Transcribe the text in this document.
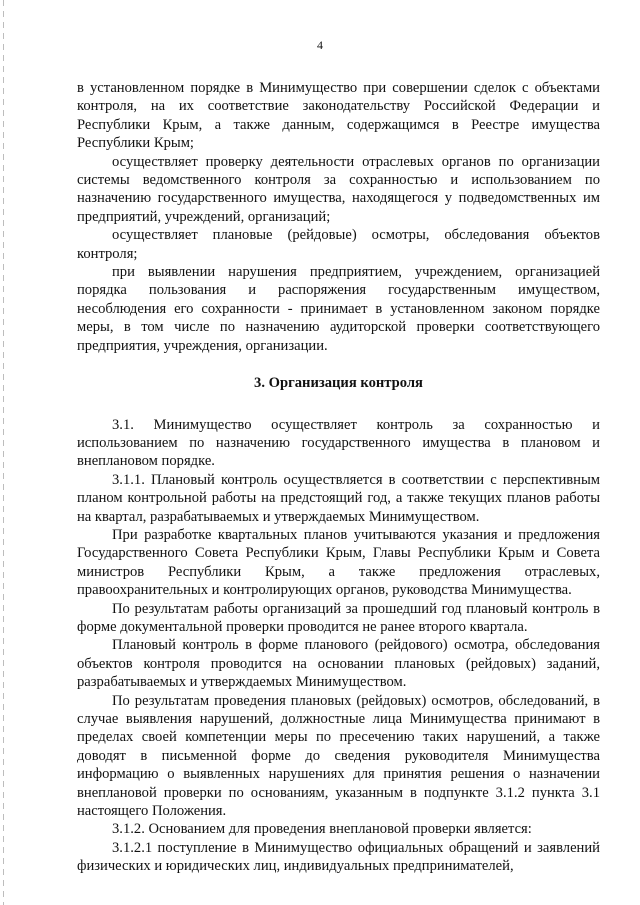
4

в установленном порядке в Минимущество при совершении сделок с объектами контроля, на их соответствие законодательству Российской Федерации и Республики Крым, а также данным, содержащимся в Реестре имущества Республики Крым;

осуществляет проверку деятельности отраслевых органов по организации системы ведомственного контроля за сохранностью и использованием по назначению государственного имущества, находящегося у подведомственных им предприятий, учреждений, организаций;

осуществляет плановые (рейдовые) осмотры, обследования объектов контроля;

при выявлении нарушения предприятием, учреждением, организацией порядка пользования и распоряжения государственным имуществом, несоблюдения его сохранности - принимает в установленном законом порядке меры, в том числе по назначению аудиторской проверки соответствующего предприятия, учреждения, организации.

3. Организация контроля

3.1. Минимущество осуществляет контроль за сохранностью и использованием по назначению государственного имущества в плановом и внеплановом порядке.

3.1.1. Плановый контроль осуществляется в соответствии с перспективным планом контрольной работы на предстоящий год, а также текущих планов работы на квартал, разрабатываемых и утверждаемых Минимуществом.

При разработке квартальных планов учитываются указания и предложения Государственного Совета Республики Крым, Главы Республики Крым и Совета министров Республики Крым, а также предложения отраслевых, правоохранительных и контролирующих органов, руководства Минимущества.

По результатам работы организаций за прошедший год плановый контроль в форме документальной проверки проводится не ранее второго квартала.

Плановый контроль в форме планового (рейдового) осмотра, обследования объектов контроля проводится на основании плановых (рейдовых) заданий, разрабатываемых и утверждаемых Минимуществом.

По результатам проведения плановых (рейдовых) осмотров, обследований, в случае выявления нарушений, должностные лица Минимущества принимают в пределах своей компетенции меры по пресечению таких нарушений, а также доводят в письменной форме до сведения руководителя Минимущества информацию о выявленных нарушениях для принятия решения о назначении внеплановой проверки по основаниям, указанным в подпункте 3.1.2 пункта 3.1 настоящего Положения.

3.1.2. Основанием для проведения внеплановой проверки является:

3.1.2.1 поступление в Минимущество официальных обращений и заявлений физических и юридических лиц, индивидуальных предпринимателей,
